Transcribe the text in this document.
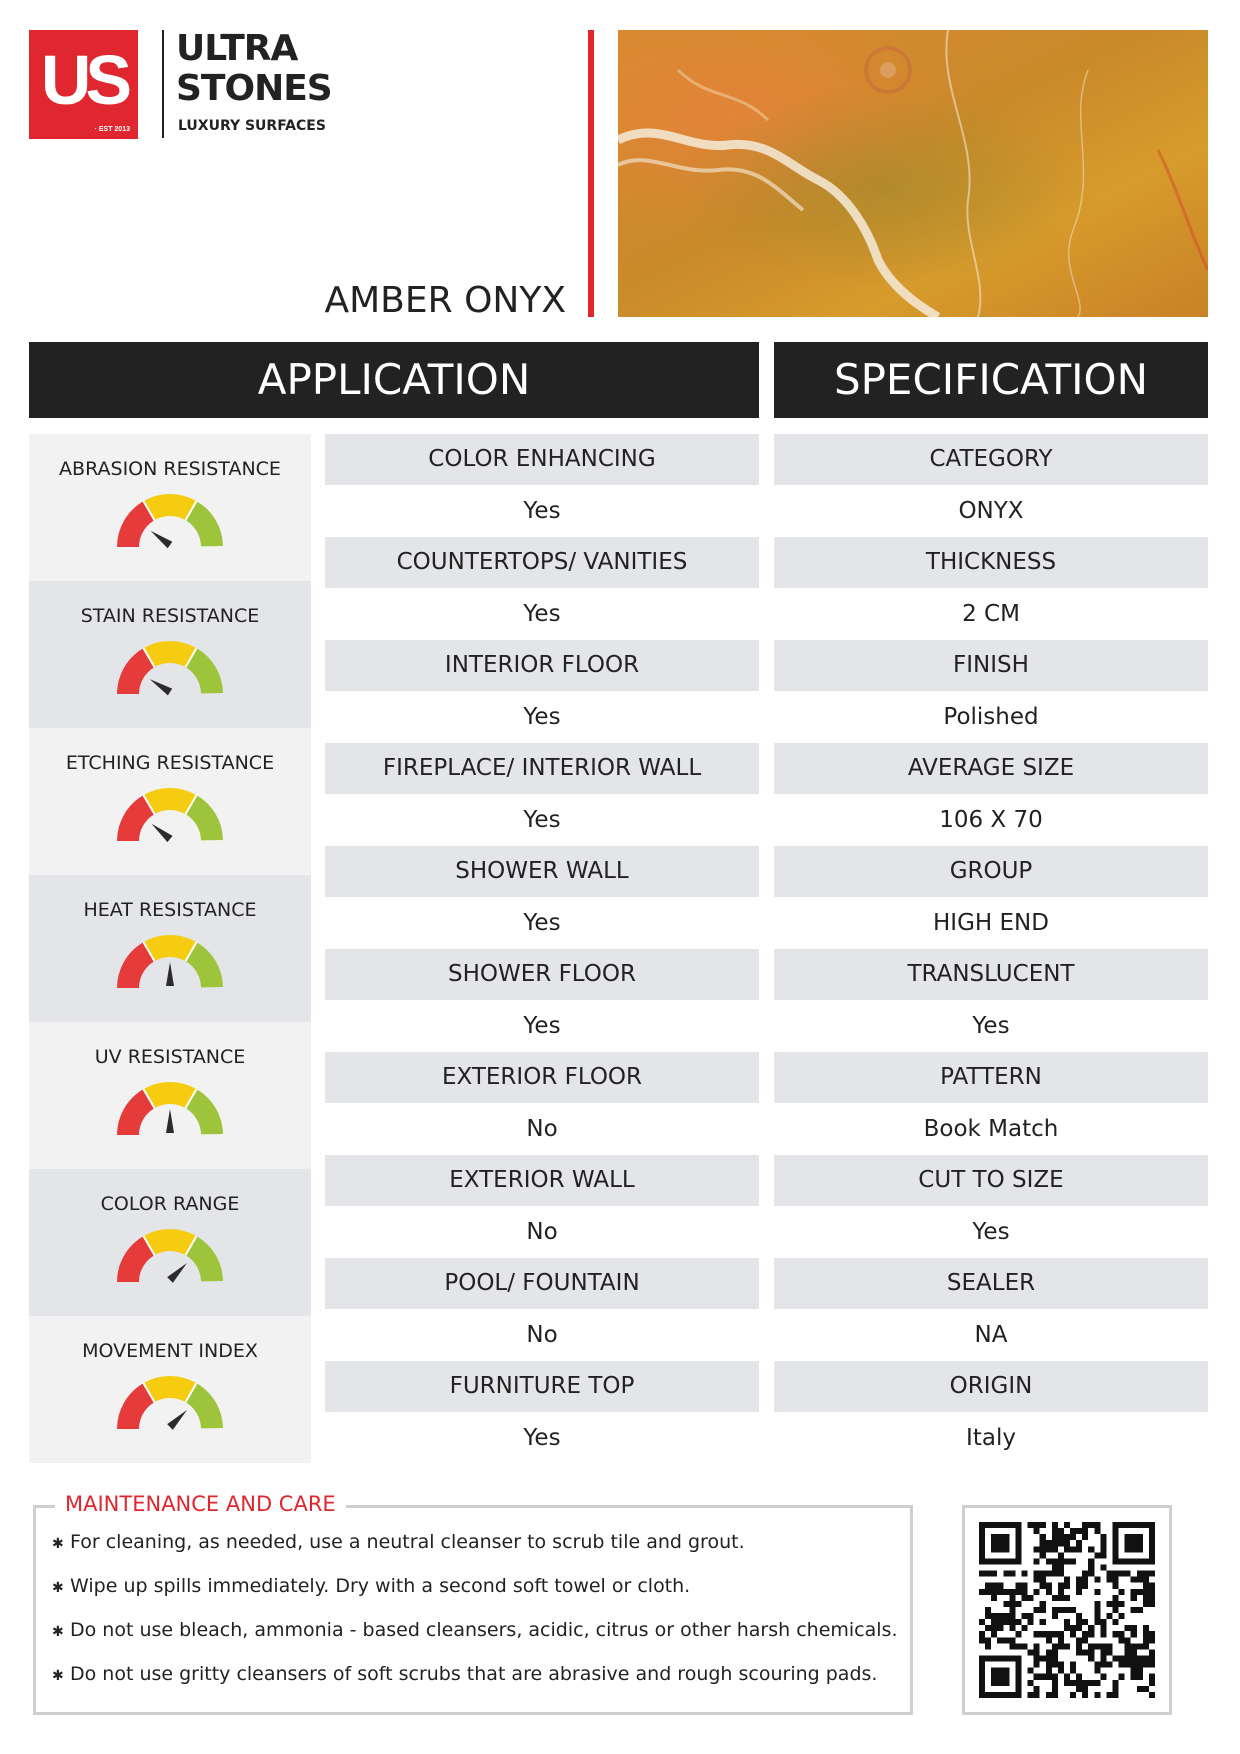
US
· EST 2013
ULTRA
STONES
LUXURY SURFACES
AMBER ONYX
APPLICATION	SPECIFICATION
ABRASION RESISTANCE
STAIN RESISTANCE
ETCHING RESISTANCE
HEAT RESISTANCE
UV RESISTANCE
COLOR RANGE
MOVEMENT INDEX
COLOR ENHANCING
Yes
COUNTERTOPS/ VANITIES
Yes
INTERIOR FLOOR
Yes
FIREPLACE/ INTERIOR WALL
Yes
SHOWER WALL
Yes
SHOWER FLOOR
Yes
EXTERIOR FLOOR
No
EXTERIOR WALL
No
POOL/ FOUNTAIN
No
FURNITURE TOP
Yes
CATEGORY
ONYX
THICKNESS
2 CM
FINISH
Polished
AVERAGE SIZE
106 X 70
GROUP
HIGH END
TRANSLUCENT
Yes
PATTERN
Book Match
CUT TO SIZE
Yes
SEALER
NA
ORIGIN
Italy
MAINTENANCE AND CARE
✱ For cleaning, as needed, use a neutral cleanser to scrub tile and grout.
✱ Wipe up spills immediately. Dry with a second soft towel or cloth.
✱ Do not use bleach, ammonia - based cleansers, acidic, citrus or other harsh chemicals.
✱ Do not use gritty cleansers of soft scrubs that are abrasive and rough scouring pads.
